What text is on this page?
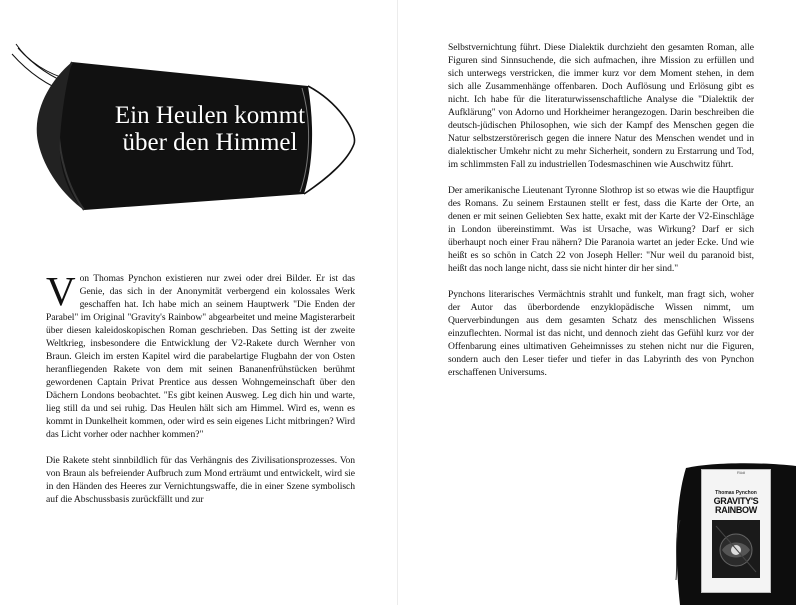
Ein Heulen kommt
über den Himmel

Von Thomas Pynchon existieren nur zwei oder drei Bilder. Er ist das Genie, das sich in der Anonymität verbergend ein kolossales Werk geschaffen hat. Ich habe mich an seinem Hauptwerk "Die Enden der Parabel" im Original "Gravity's Rainbow" abgearbeitet und meine Magisterarbeit über diesen kaleidoskopischen Roman geschrieben. Das Setting ist der zweite Weltkrieg, insbesondere die Entwicklung der V2-Rakete durch Wernher von Braun. Gleich im ersten Kapitel wird die parabelartige Flugbahn der von Osten heranfliegenden Rakete von dem mit seinen Bananenfrühstücken berühmt gewordenen Captain Privat Prentice aus dessen Wohngemeinschaft über den Dächern Londons beobachtet. "Es gibt keinen Ausweg. Leg dich hin und warte, lieg still da und sei ruhig. Das Heulen hält sich am Himmel. Wird es, wenn es kommt in Dunkelheit kommen, oder wird es sein eigenes Licht mitbringen? Wird das Licht vorher oder nachher kommen?"

Die Rakete steht sinnbildlich für das Verhängnis des Zivilisationsprozesses. Von von Braun als befreiender Aufbruch zum Mond erträumt und entwickelt, wird sie in den Händen des Heeres zur Vernichtungswaffe, die in einer Szene symbolisch auf die Abschussbasis zurückfällt und zur

Selbstvernichtung führt. Diese Dialektik durchzieht den gesamten Roman, alle Figuren sind Sinnsuchende, die sich aufmachen, ihre Mission zu erfüllen und sich unterwegs verstricken, die immer kurz vor dem Moment stehen, in dem sich alle Zusammenhänge offenbaren. Doch Auflösung und Erlösung gibt es nicht. Ich habe für die literaturwissenschaftliche Analyse die "Dialektik der Aufklärung" von Adorno und Horkheimer herangezogen. Darin beschreiben die deutsch-jüdischen Philosophen, wie sich der Kampf des Menschen gegen die Natur selbstzerstörerisch gegen die innere Natur des Menschen wendet und in dialektischer Umkehr nicht zu mehr Sicherheit, sondern zu Erstarrung und Tod, im schlimmsten Fall zu industriellen Todesmaschinen wie Auschwitz führt.

Der amerikanische Lieutenant Tyronne Slothrop ist so etwas wie die Hauptfigur des Romans. Zu seinem Erstaunen stellt er fest, dass die Karte der Orte, an denen er mit seinen Geliebten Sex hatte, exakt mit der Karte der V2-Einschläge in London übereinstimmt. Was ist Ursache, was Wirkung? Darf er sich überhaupt noch einer Frau nähern? Die Paranoia wartet an jeder Ecke. Und wie heißt es so schön in Catch 22 von Joseph Heller: "Nur weil du paranoid bist, heißt das noch lange nicht, dass sie nicht hinter dir her sind."

Pynchons literarisches Vermächtnis strahlt und funkelt, man fragt sich, woher der Autor das überbordende enzyklopädische Wissen nimmt, um Querverbindungen aus dem gesamten Schatz des menschlichen Wissens einzuflechten. Normal ist das nicht, und dennoch zieht das Gefühl kurz vor der Offenbarung eines ultimativen Geheimnisses zu stehen nicht nur die Figuren, sondern auch den Leser tiefer und tiefer in das Labyrinth des von Pynchon erschaffenen Universums.

Rüdi
Thomas Pynchon
GRAVITY'S
RAINBOW
